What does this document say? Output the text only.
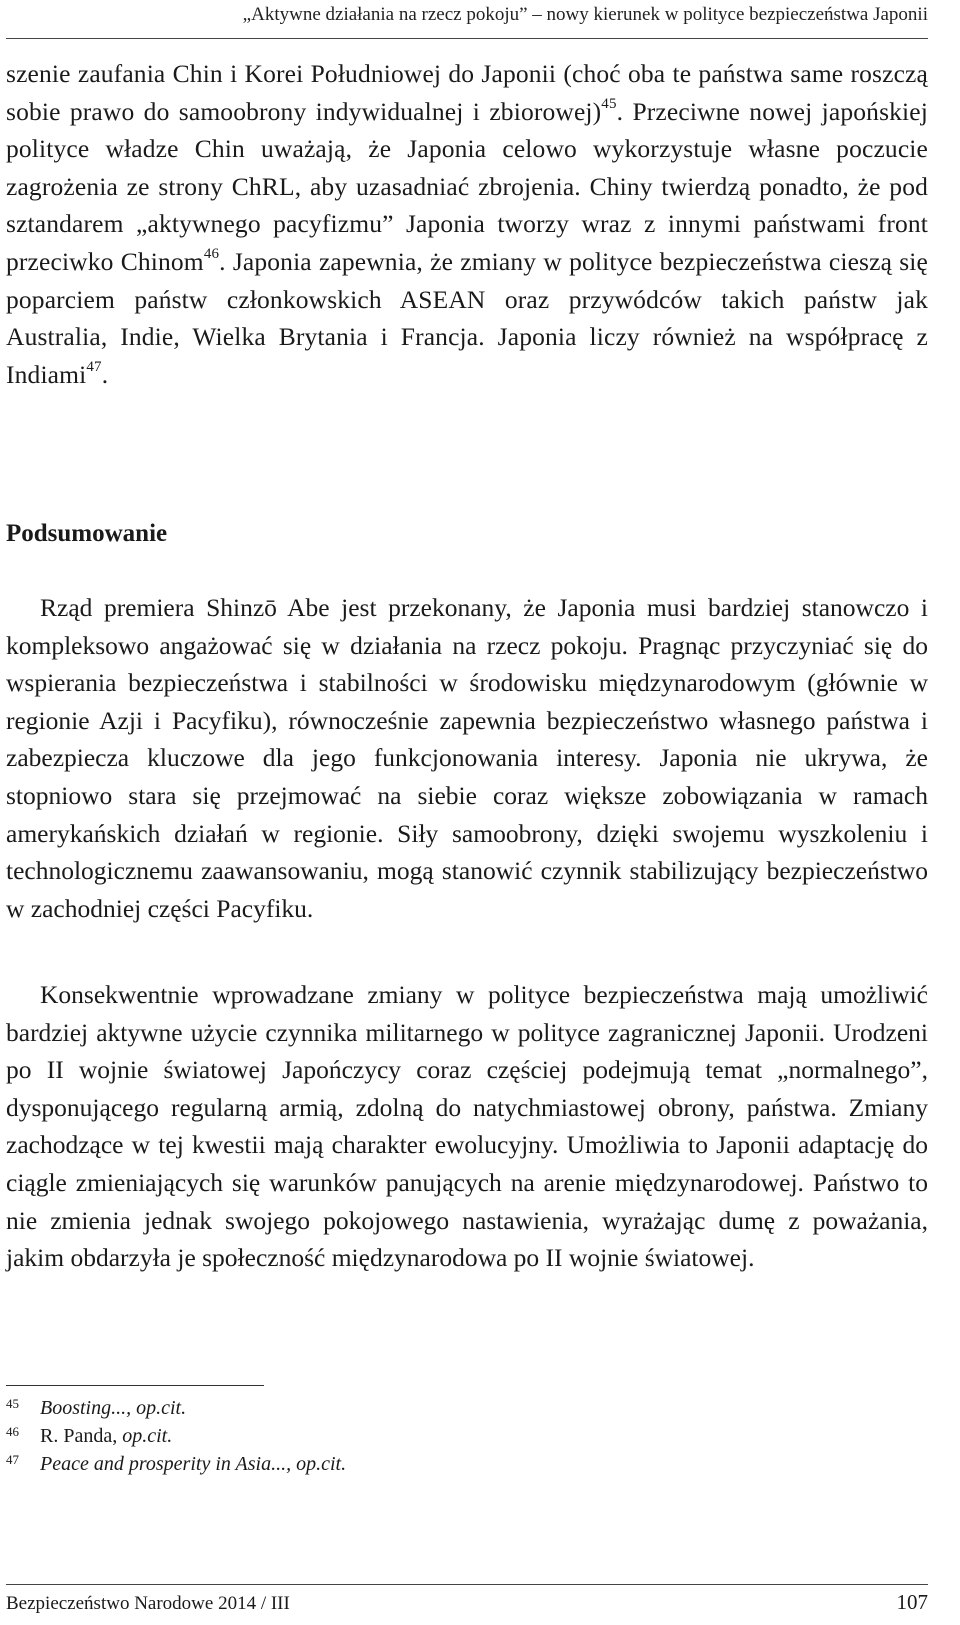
„Aktywne działania na rzecz pokoju” – nowy kierunek w polityce bezpieczeństwa Japonii

szenie zaufania Chin i Korei Południowej do Japonii (choć oba te państwa same roszczą sobie prawo do samoobrony indywidualnej i zbiorowej)$^{45}$. Przeciwne nowej japońskiej polityce władze Chin uważają, że Japonia celowo wykorzystuje własne poczucie zagrożenia ze strony ChRL, aby uzasadniać zbrojenia. Chiny twierdzą ponadto, że pod sztandarem „aktywnego pacyfizmu” Japonia tworzy wraz z innymi państwami front przeciwko Chinom$^{46}$. Japonia zapewnia, że zmiany w polityce bezpieczeństwa cieszą się poparciem państw członkowskich ASEAN oraz przywódców takich państw jak Australia, Indie, Wielka Brytania i Francja. Japonia liczy również na współpracę z Indiami$^{47}$.

Podsumowanie

Rząd premiera Shinzō Abe jest przekonany, że Japonia musi bardziej stanowczo i kompleksowo angażować się w działania na rzecz pokoju. Pragnąc przyczyniać się do wspierania bezpieczeństwa i stabilności w środowisku międzynarodowym (głównie w regionie Azji i Pacyfiku), równocześnie zapewnia bezpieczeństwo własnego państwa i zabezpiecza kluczowe dla jego funkcjonowania interesy. Japonia nie ukrywa, że stopniowo stara się przejmować na siebie coraz większe zobowiązania w ramach amerykańskich działań w regionie. Siły samoobrony, dzięki swojemu wyszkoleniu i technologicznemu zaawansowaniu, mogą stanowić czynnik stabilizujący bezpieczeństwo w zachodniej części Pacyfiku.

Konsekwentnie wprowadzane zmiany w polityce bezpieczeństwa mają umożliwić bardziej aktywne użycie czynnika militarnego w polityce zagranicznej Japonii. Urodzeni po II wojnie światowej Japończycy coraz częściej podejmują temat „normalnego”, dysponującego regularną armią, zdolną do natychmiastowej obrony, państwa. Zmiany zachodzące w tej kwestii mają charakter ewolucyjny. Umożliwia to Japonii adaptację do ciągle zmieniających się warunków panujących na arenie międzynarodowej. Państwo to nie zmienia jednak swojego pokojowego nastawienia, wyrażając dumę z poważania, jakim obdarzyła je społeczność międzynarodowa po II wojnie światowej.

45 Boosting..., op.cit.
46 R. Panda, op.cit.
47 Peace and prosperity in Asia..., op.cit.
Bezpieczeństwo Narodowe 2014 / III	107
